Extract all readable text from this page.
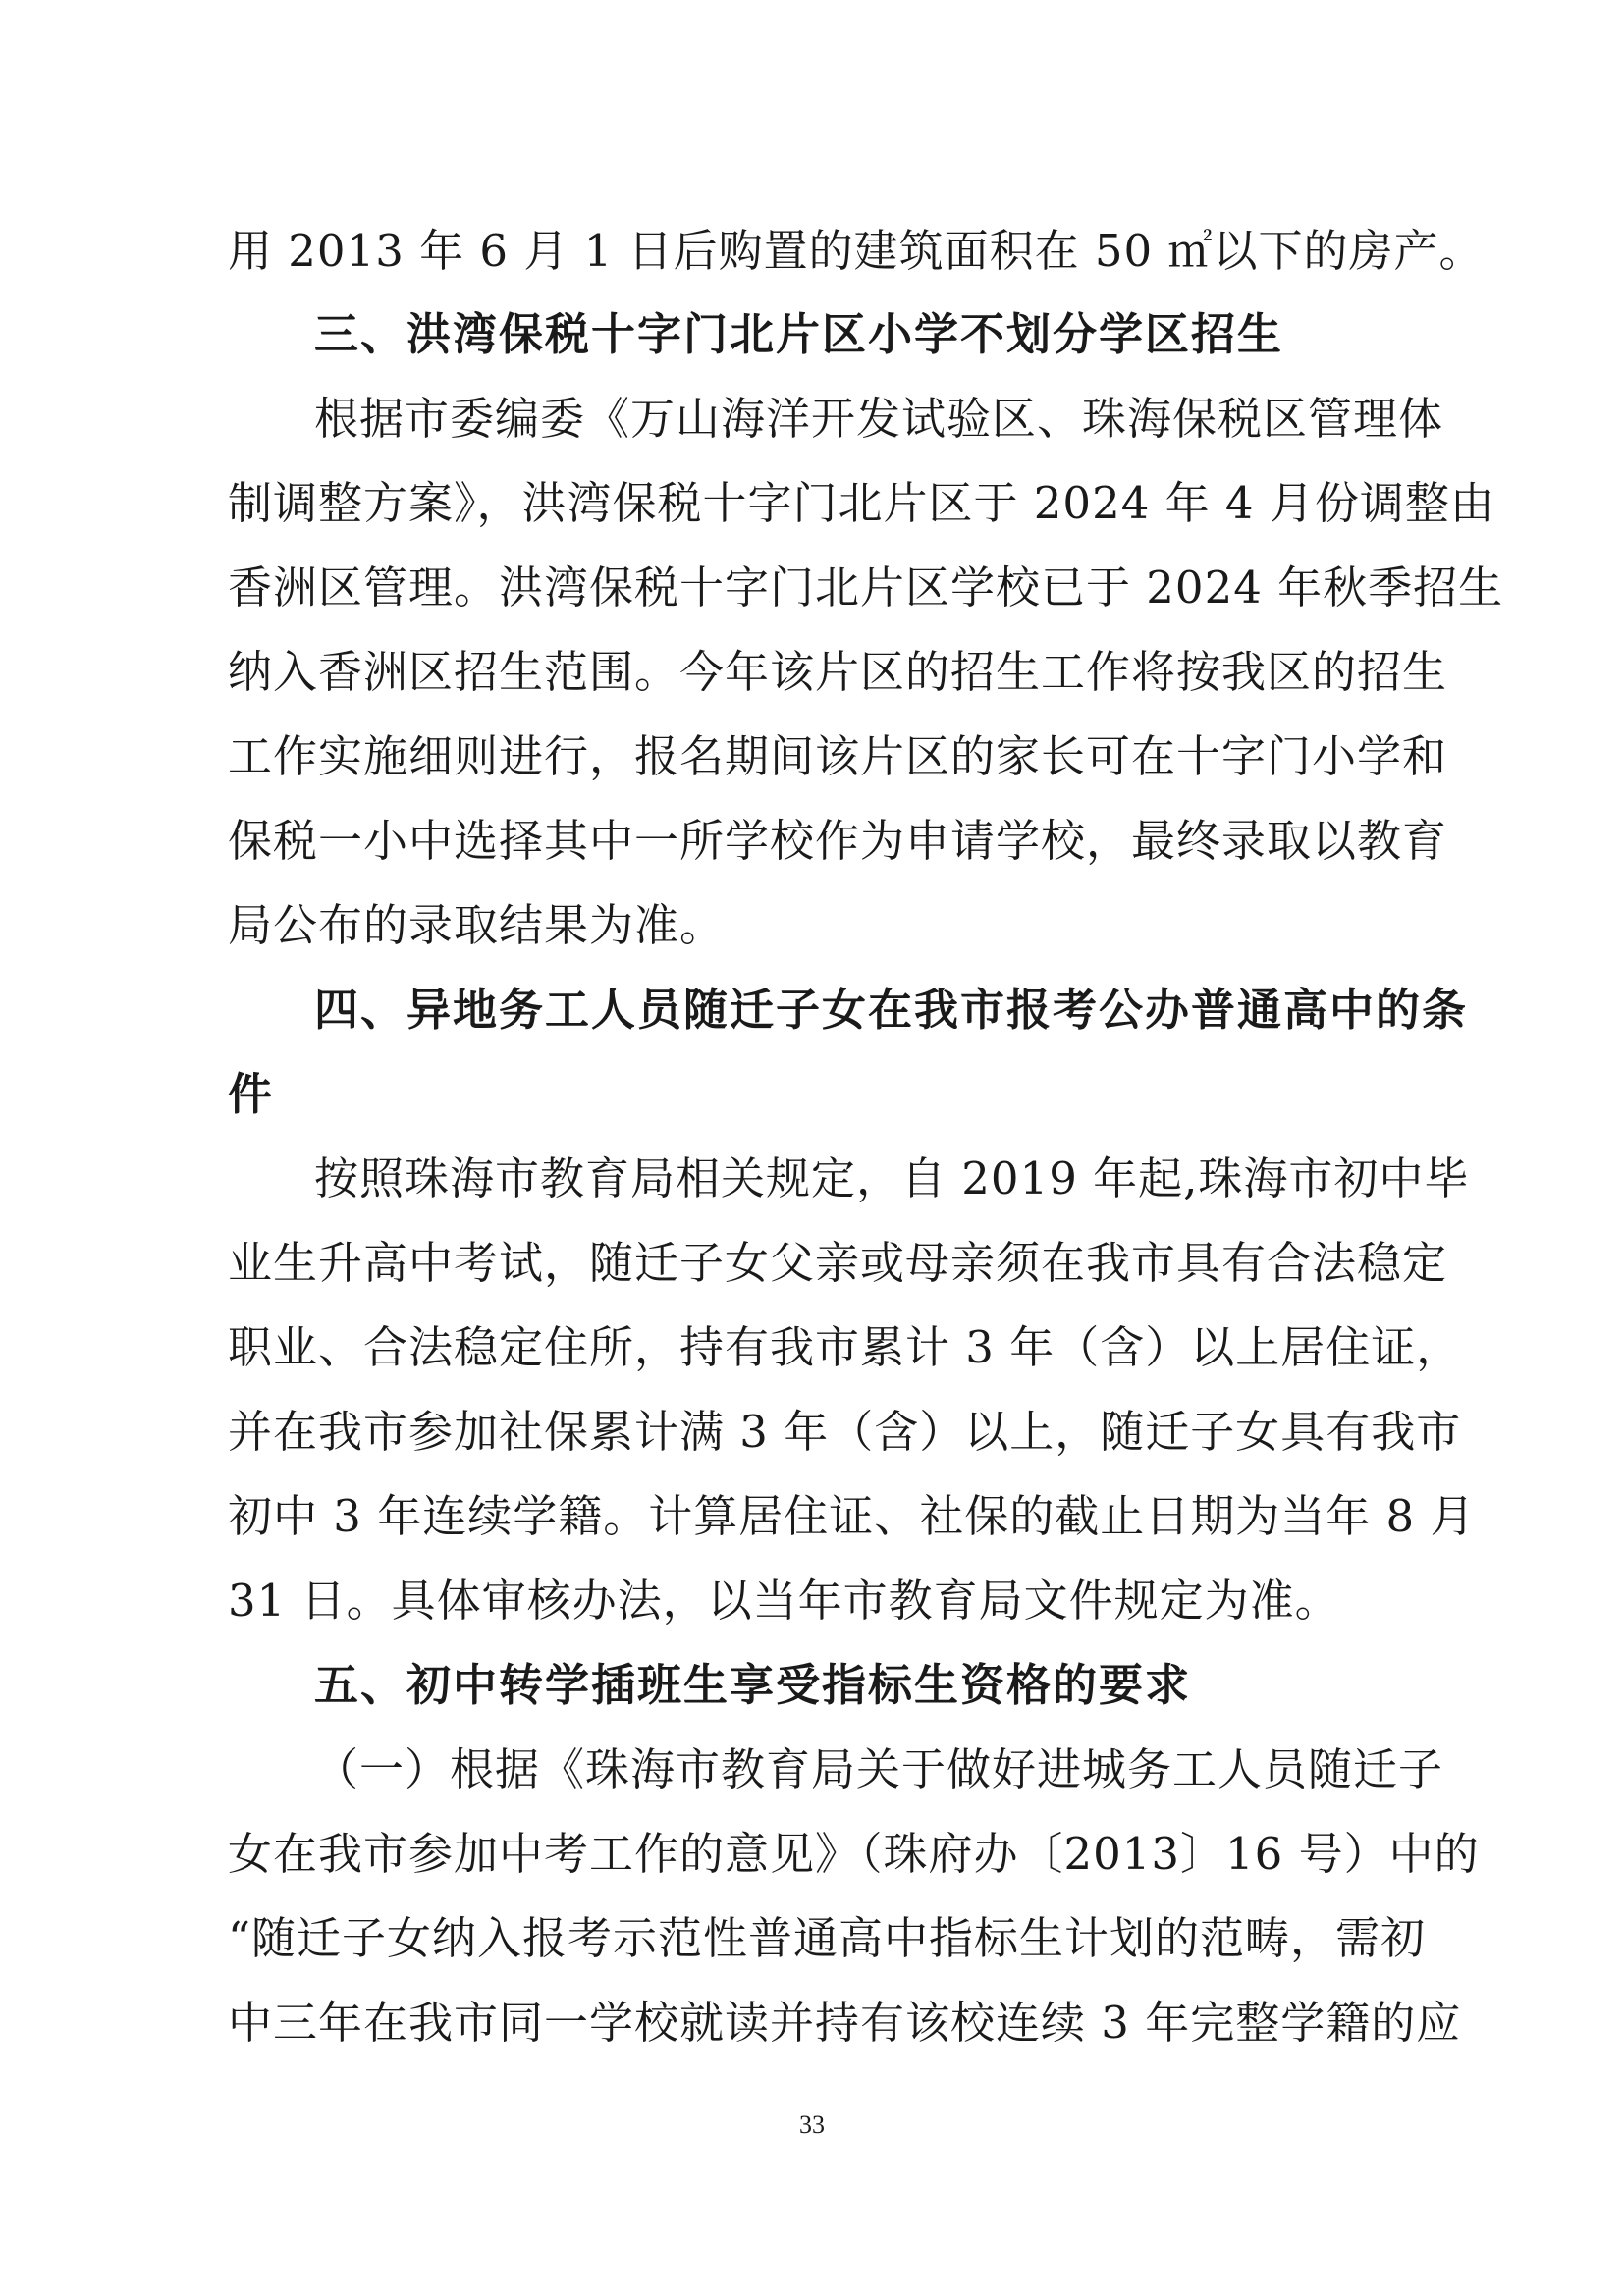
用 2013 年 6 月 1 日后购置的建筑面积在 50 ㎡以下的房产。
三、洪湾保税十字门北片区小学不划分学区招生
根据市委编委《万山海洋开发试验区、珠海保税区管理体
制调整方案》，洪湾保税十字门北片区于 2024 年 4 月份调整由
香洲区管理。洪湾保税十字门北片区学校已于 2024 年秋季招生
纳入香洲区招生范围。今年该片区的招生工作将按我区的招生
工作实施细则进行，报名期间该片区的家长可在十字门小学和
保税一小中选择其中一所学校作为申请学校，最终录取以教育
局公布的录取结果为准。
四、异地务工人员随迁子女在我市报考公办普通高中的条
件
按照珠海市教育局相关规定，自 2019 年起,珠海市初中毕
业生升高中考试，随迁子女父亲或母亲须在我市具有合法稳定
职业、合法稳定住所，持有我市累计 3 年（含）以上居住证，
并在我市参加社保累计满 3 年（含）以上，随迁子女具有我市
初中 3 年连续学籍。计算居住证、社保的截止日期为当年 8 月
31 日。具体审核办法，以当年市教育局文件规定为准。
五、初中转学插班生享受指标生资格的要求
（一）根据《珠海市教育局关于做好进城务工人员随迁子
女在我市参加中考工作的意见》（珠府办〔2013〕16 号）中的
“随迁子女纳入报考示范性普通高中指标生计划的范畴，需初
中三年在我市同一学校就读并持有该校连续 3 年完整学籍的应
33
